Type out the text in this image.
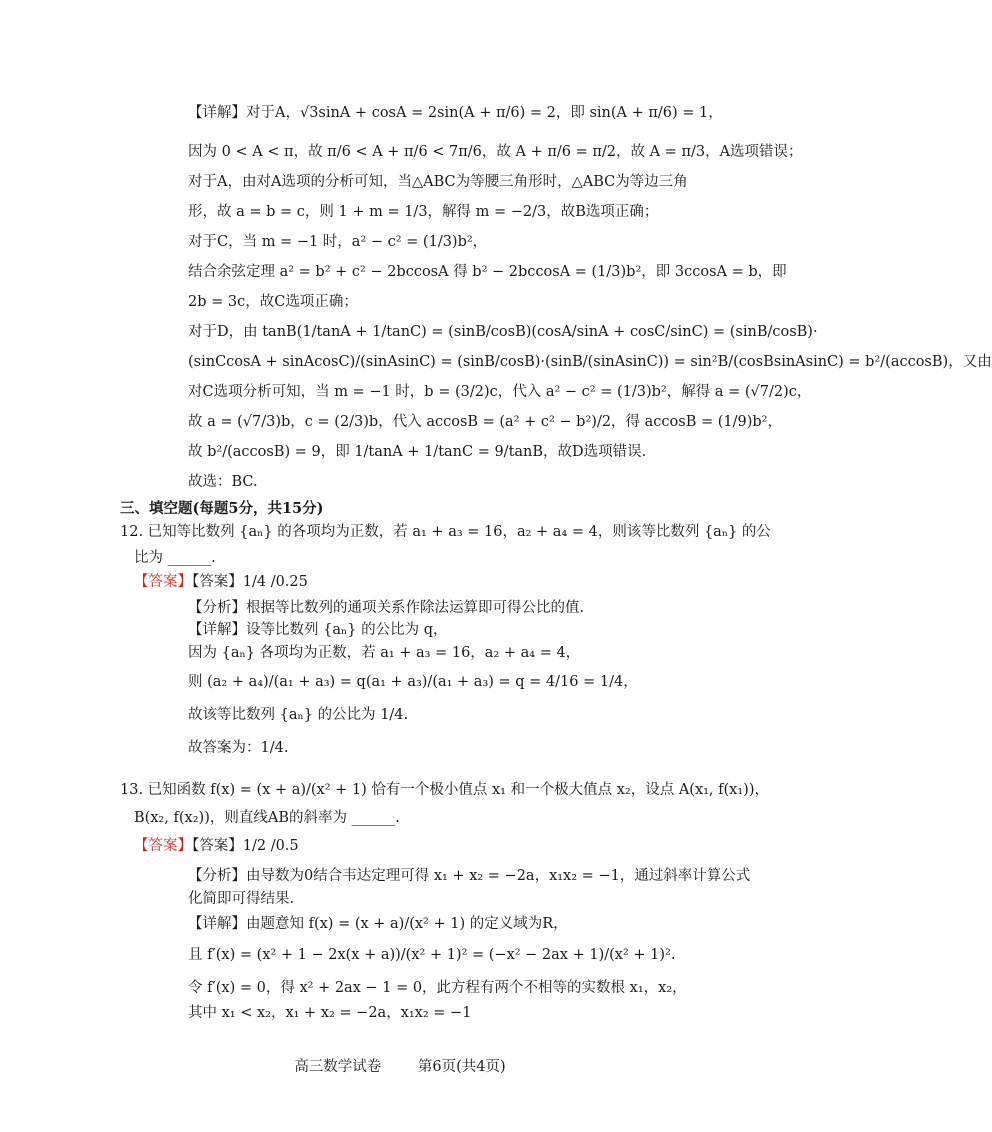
【详解】对于A，√3sinA + cosA = 2sin(A + π/6) = 2，即 sin(A + π/6) = 1，
因为 0 < A < π，故 π/6 < A + π/6 < 7π/6，故 A + π/6 = π/2，故 A = π/3，A选项错误；
对于A，由对A选项的分析可知，当△ABC为等腰三角形时，△ABC为等边三角
形，故 a = b = c，则 1 + m = 1/3，解得 m = −2/3，故B选项正确；
对于C，当 m = −1 时，a² − c² = (1/3)b²，
结合余弦定理 a² = b² + c² − 2bccosA 得 b² − 2bccosA = (1/3)b²，即 3ccosA = b，即
2b = 3c，故C选项正确；
对于D，由 tanB(1/tanA + 1/tanC) = (sinB/cosB)(cosA/sinA + cosC/sinC) = (sinB/cosB)·
(sinCcosA + sinAcosC)/(sinAsinC) = (sinB/cosB)·(sinB/(sinAsinC)) = sin²B/(cosBsinAsinC) = b²/(accosB)，又由
对C选项分析可知，当 m = −1 时，b = (3/2)c，代入 a² − c² = (1/3)b²，解得 a = (√7/2)c，
故 a = (√7/3)b，c = (2/3)b，代入 accosB = (a² + c² − b²)/2，得 accosB = (1/9)b²，
故 b²/(accosB) = 9，即 1/tanA + 1/tanC = 9/tanB，故D选项错误.
故选：BC.
三、填空题(每题5分，共15分)
12. 已知等比数列 {aₙ} 的各项均为正数，若 a₁ + a₃ = 16，a₂ + a₄ = 4，则该等比数列 {aₙ} 的公
比为 ______.
【答案】【答案】1/4 /0.25
【分析】根据等比数列的通项关系作除法运算即可得公比的值.
【详解】设等比数列 {aₙ} 的公比为 q，
因为 {aₙ} 各项均为正数，若 a₁ + a₃ = 16，a₂ + a₄ = 4，
则 (a₂ + a₄)/(a₁ + a₃) = q(a₁ + a₃)/(a₁ + a₃) = q = 4/16 = 1/4，
故该等比数列 {aₙ} 的公比为 1/4.
故答案为：1/4.
13. 已知函数 f(x) = (x + a)/(x² + 1) 恰有一个极小值点 x₁ 和一个极大值点 x₂，设点 A(x₁, f(x₁))，
B(x₂, f(x₂))，则直线AB的斜率为 ______.
【答案】【答案】1/2 /0.5
【分析】由导数为0结合韦达定理可得 x₁ + x₂ = −2a，x₁x₂ = −1，通过斜率计算公式
化简即可得结果.
【详解】由题意知 f(x) = (x + a)/(x² + 1) 的定义域为R，
且 f′(x) = (x² + 1 − 2x(x + a))/(x² + 1)² = (−x² − 2ax + 1)/(x² + 1)².
令 f′(x) = 0，得 x² + 2ax − 1 = 0，此方程有两个不相等的实数根 x₁，x₂，
其中 x₁ < x₂，x₁ + x₂ = −2a，x₁x₂ = −1
高三数学试卷	第6页(共4页)
